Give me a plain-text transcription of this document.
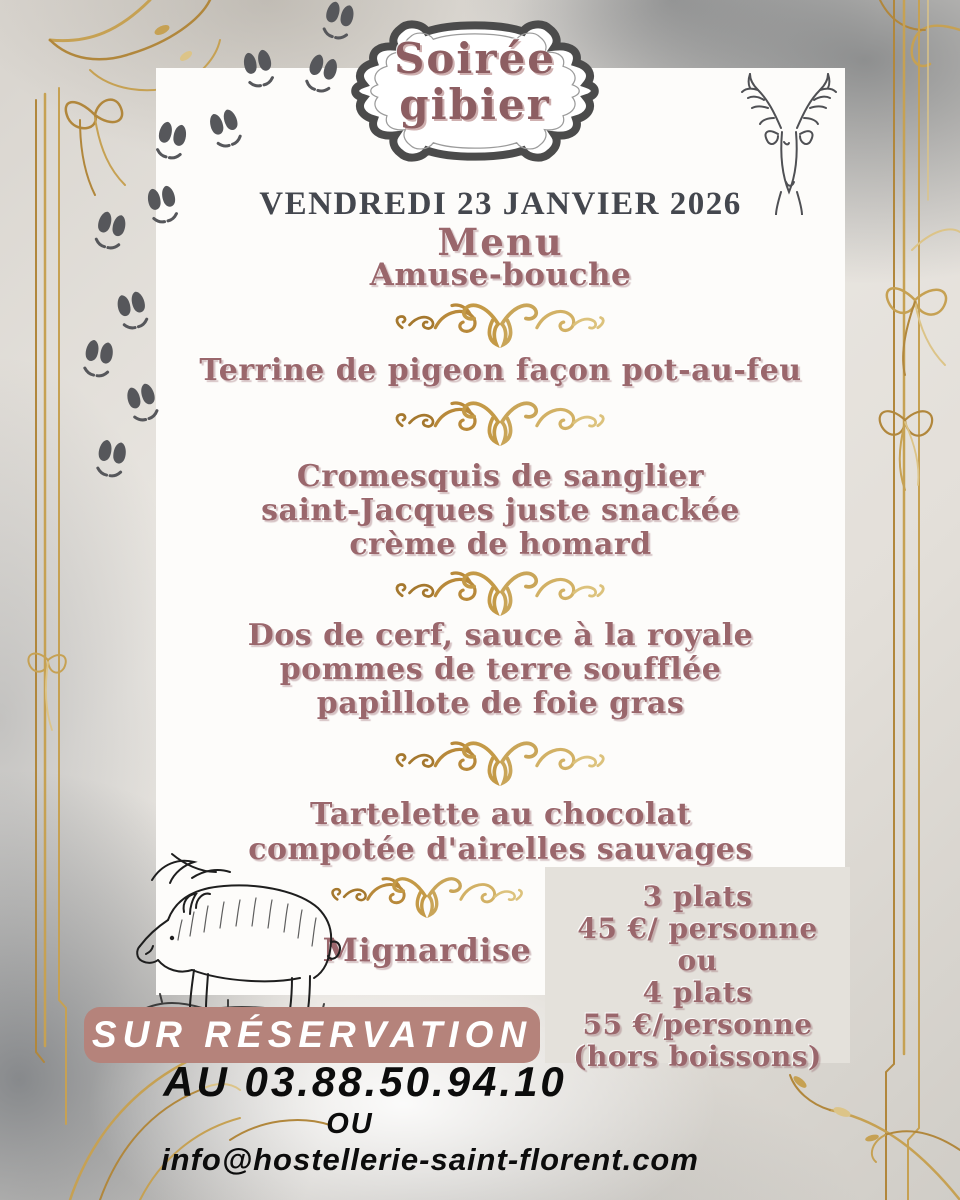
VENDREDI 23 JANVIER 2026
Menu
Amuse-bouche
Terrine de pigeon façon pot-au-feu
Cromesquis de sanglier
saint-Jacques juste snackée
crème de homard
Dos de cerf, sauce à la royale
pommes de terre soufflée
papillote de foie gras
Tartelette au chocolat
compotée d'airelles sauvages
Mignardise
3 plats
45 €/ personne
ou
4 plats
55 €/personne
(hors boissons)
Soirée
gibier
SUR RÉSERVATION
AU 03.88.50.94.10
OU
info@hostellerie-saint-florent.com
